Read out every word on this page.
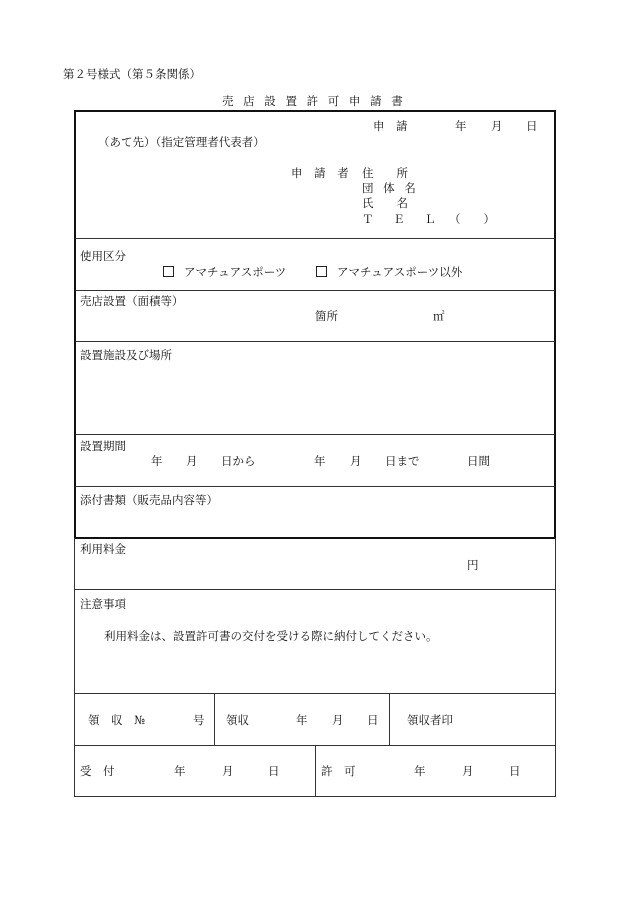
第２号様式（第５条関係）
売 店 設 置 許 可 申 請 書
申　請	年 月 日
（あて先）（指定管理者代表者）
申 請 者 住　　所
団 体 名
氏　　名
Ｔ Ｅ Ｌ （　　）
使用区分
アマチュアスポーツ	アマチュアスポーツ以外
売店設置（面積等）
箇所	㎡
設置施設及び場所
設置期間
年 月 日から	年 月 日まで	日間
添付書類（販売品内容等）
利用料金
円
注意事項
利用料金は、設置許可書の交付を受ける際に納付してください。
領　収　№	号 領収	年 月 日 領収者印
受　付	年	月	日	許　可	年	月	日
